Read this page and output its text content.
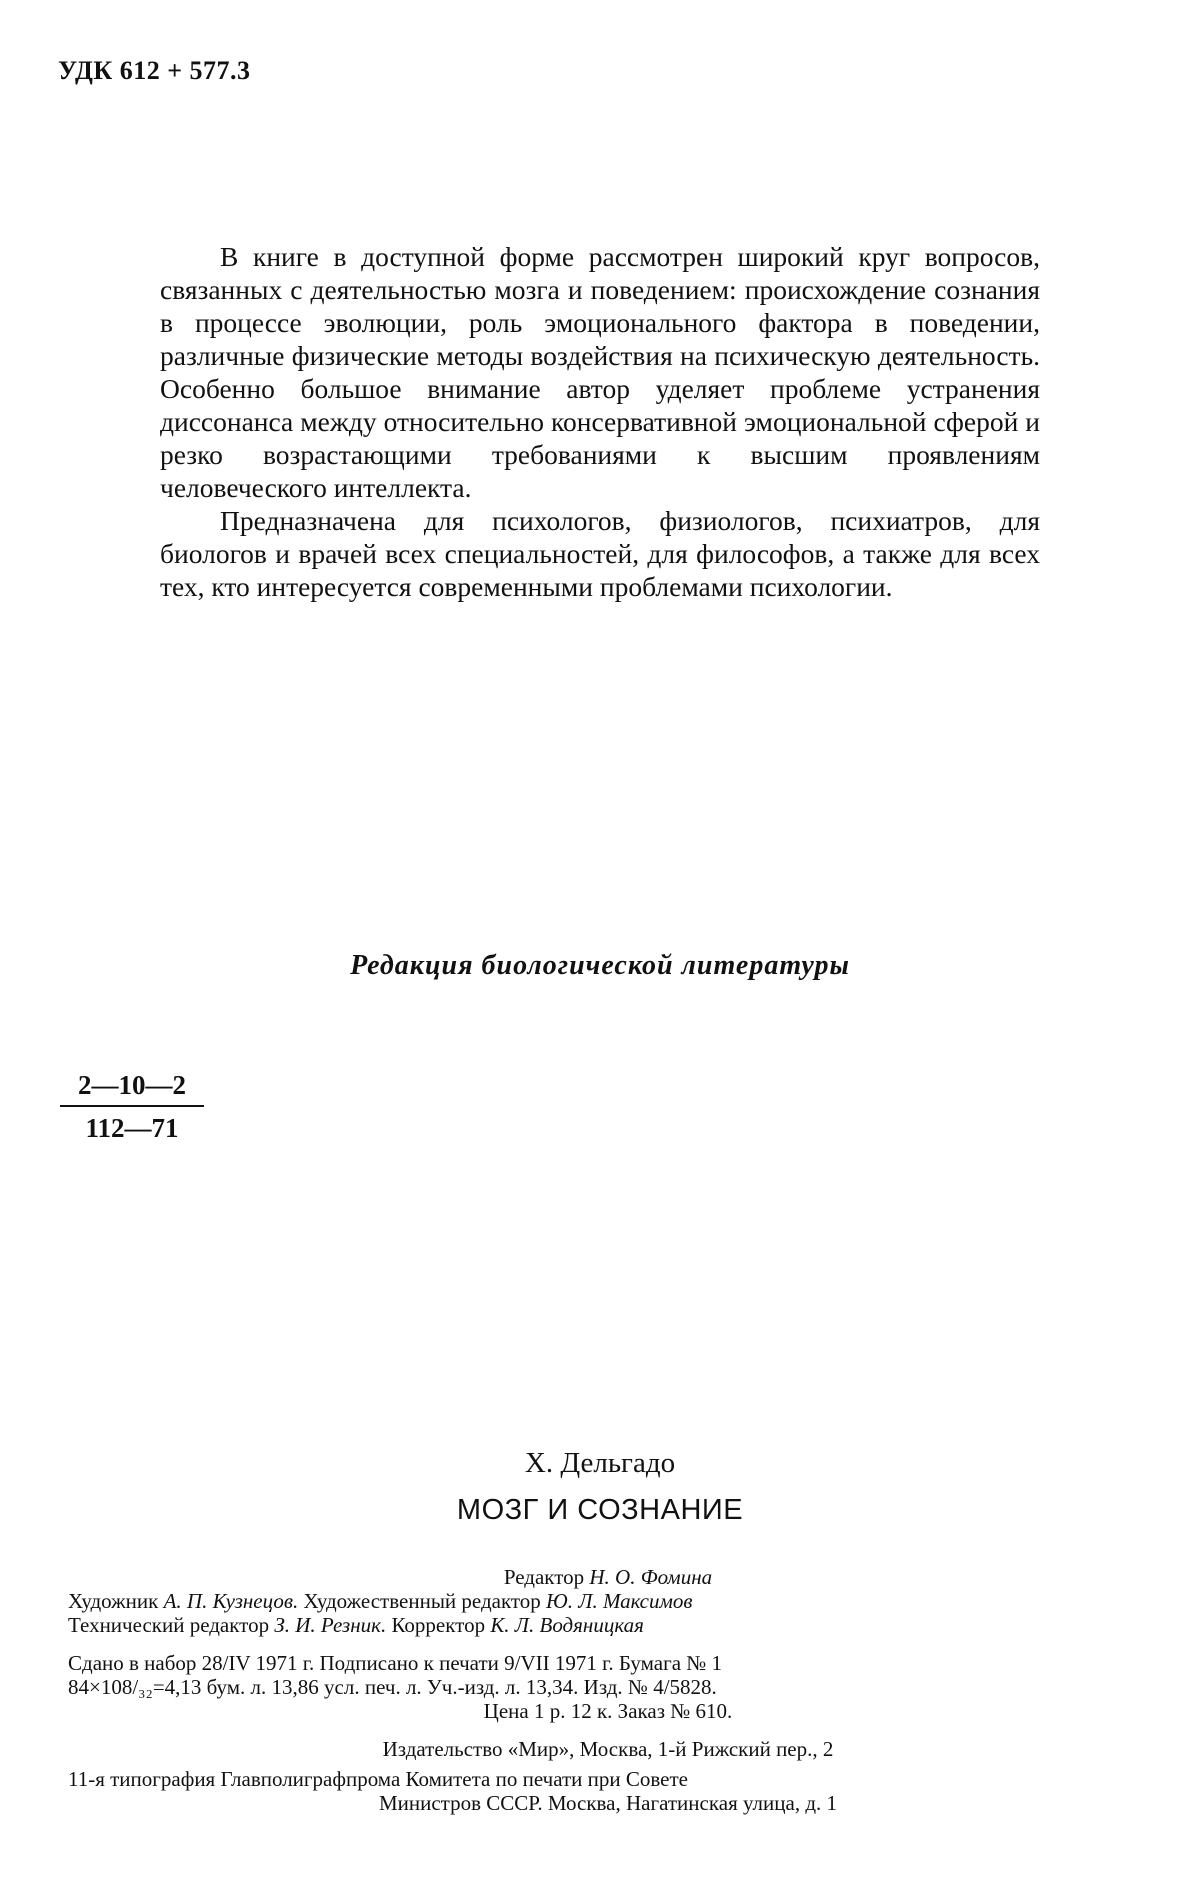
УДК 612 + 577.3

В книге в доступной форме рассмотрен широкий круг вопросов, связанных с деятельностью мозга и поведением: происхождение сознания в процессе эволюции, роль эмоционального фактора в поведении, различные физические методы воздействия на психическую деятельность. Особенно большое внимание автор уделяет проблеме устранения диссонанса между относительно консервативной эмоциональной сферой и резко возрастающими требованиями к высшим проявлениям человеческого интеллекта.

Предназначена для психологов, физиологов, психиатров, для биологов и врачей всех специальностей, для философов, а также для всех тех, кто интересуется современными проблемами психологии.

Редакция биологической литературы
$\frac{2—10—2}{112—71}$
Х. Дельгадо
МОЗГ И СОЗНАНИЕ
Редактор Н. О. Фомина
Художник А. П. Кузнецов. Художественный редактор Ю. Л. Максимов
Технический редактор З. И. Резник. Корректор К. Л. Водяницкая
Сдано в набор 28/IV 1971 г. Подписано к печати 9/VII 1971 г. Бумага № 1
84×108/₃₂=4,13 бум. л. 13,86 усл. печ. л. Уч.-изд. л. 13,34. Изд. № 4/5828.
Цена 1 р. 12 к. Заказ № 610.
Издательство «Мир», Москва, 1-й Рижский пер., 2
11-я типография Главполиграфпрома Комитета по печати при Совете
Министров СССР. Москва, Нагатинская улица, д. 1
